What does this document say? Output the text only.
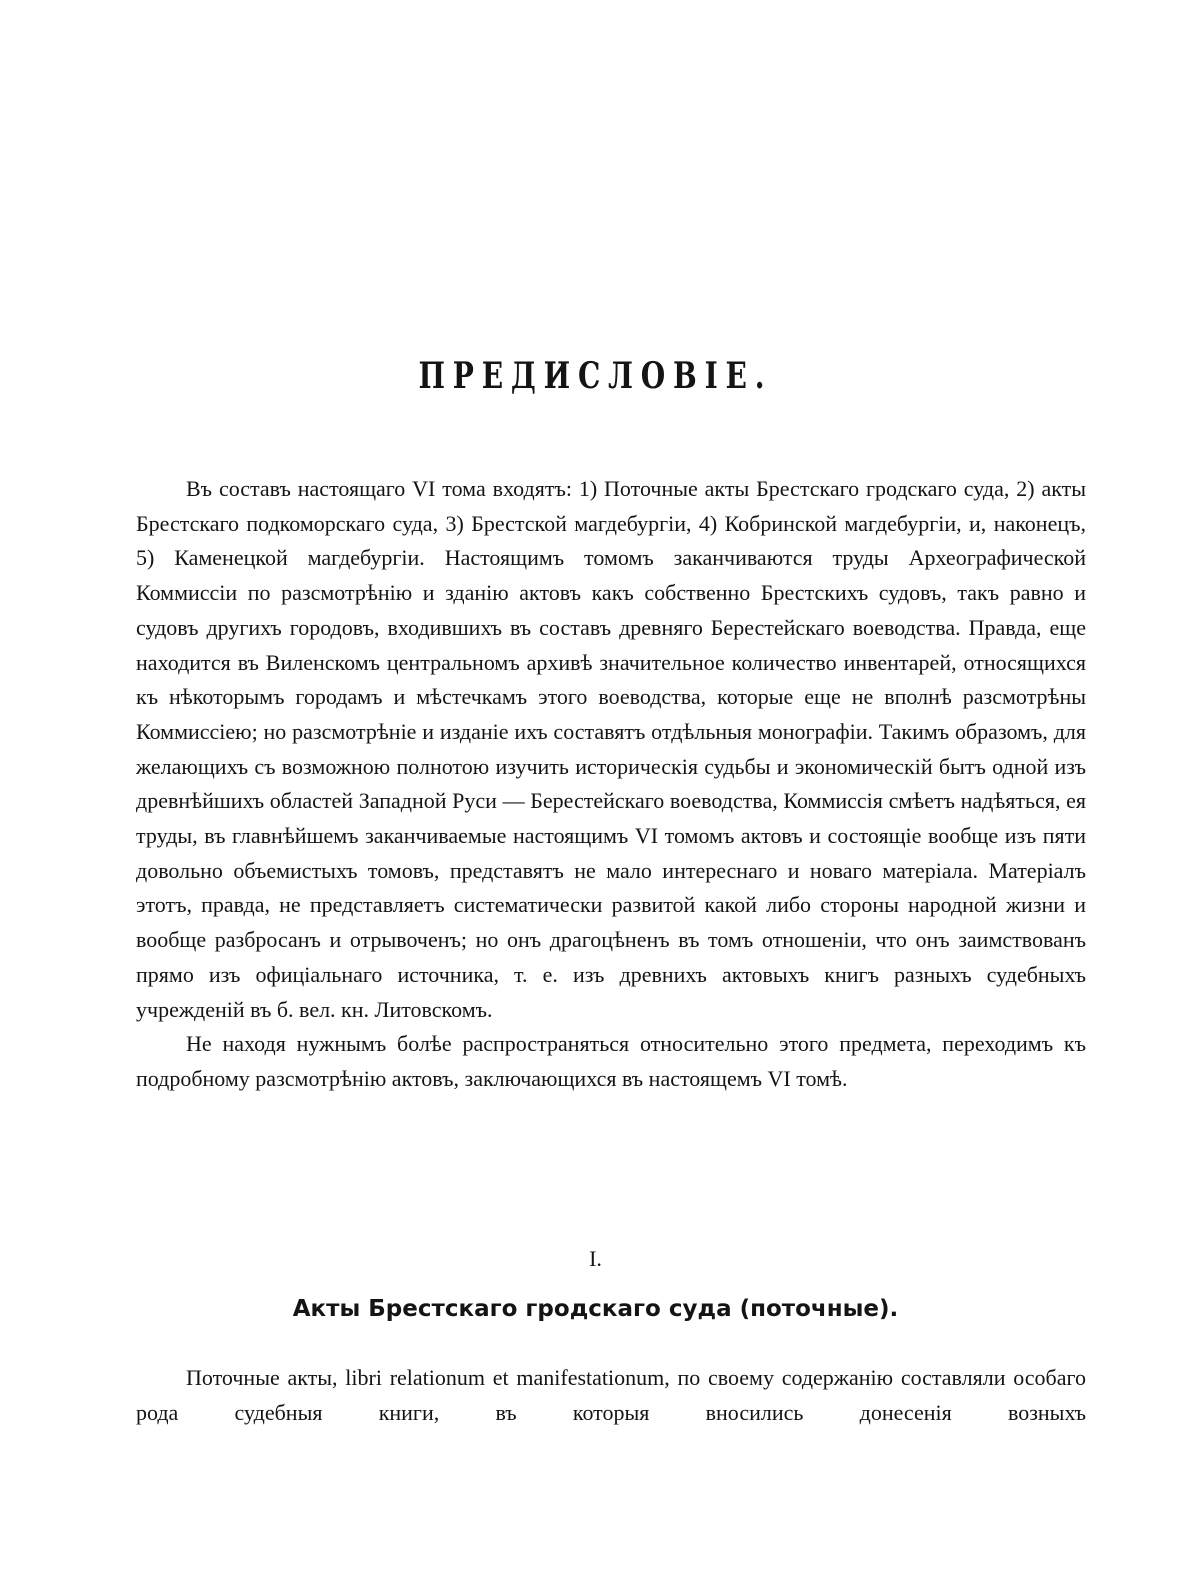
ПРЕДИСЛОВІЕ.

Въ составъ настоящаго VI тома входятъ: 1) Поточные акты Брестскаго гродскаго суда, 2) акты Брестскаго подкоморскаго суда, 3) Брестской магдебургіи, 4) Кобринской магдебургіи, и, наконецъ, 5) Каменецкой магдебургіи. Настоящимъ томомъ заканчиваются труды Археографической Коммиссіи по разсмотрѣнію и зданію актовъ какъ собственно Брестскихъ судовъ, такъ равно и судовъ другихъ городовъ, входившихъ въ составъ древняго Берестейскаго воеводства. Правда, еще находится въ Виленскомъ центральномъ архивѣ значительное количество инвентарей, относящихся къ нѣкоторымъ городамъ и мѣстечкамъ этого воеводства, которые еще не вполнѣ разсмотрѣны Коммиссіею; но разсмотрѣніе и изданіе ихъ составятъ отдѣльныя монографіи. Такимъ образомъ, для желающихъ съ возможною полнотою изучить историческія судьбы и экономическій бытъ одной изъ древнѣйшихъ областей Западной Руси — Берестейскаго воеводства, Коммиссія смѣетъ надѣяться, ея труды, въ главнѣйшемъ заканчиваемые настоящимъ VI томомъ актовъ и состоящіе вообще изъ пяти довольно объемистыхъ томовъ, представятъ не мало интереснаго и новаго матеріала. Матеріалъ этотъ, правда, не представляетъ систематически развитой какой либо стороны народной жизни и вообще разбросанъ и отрывоченъ; но онъ драгоцѣненъ въ томъ отношеніи, что онъ заимствованъ прямо изъ офиціальнаго источника, т. е. изъ древнихъ актовыхъ книгъ разныхъ судебныхъ учрежденій въ б. вел. кн. Литовскомъ.

Не находя нужнымъ болѣе распространяться относительно этого предмета, переходимъ къ подробному разсмотрѣнію актовъ, заключающихся въ настоящемъ VI томѣ.

I.
Акты Брестскаго гродскаго суда (поточные).

Поточные акты, libri relationum et manifestationum, по своему содержанію составляли особаго рода судебныя книги, въ которыя вносились донесенія возныхъ
